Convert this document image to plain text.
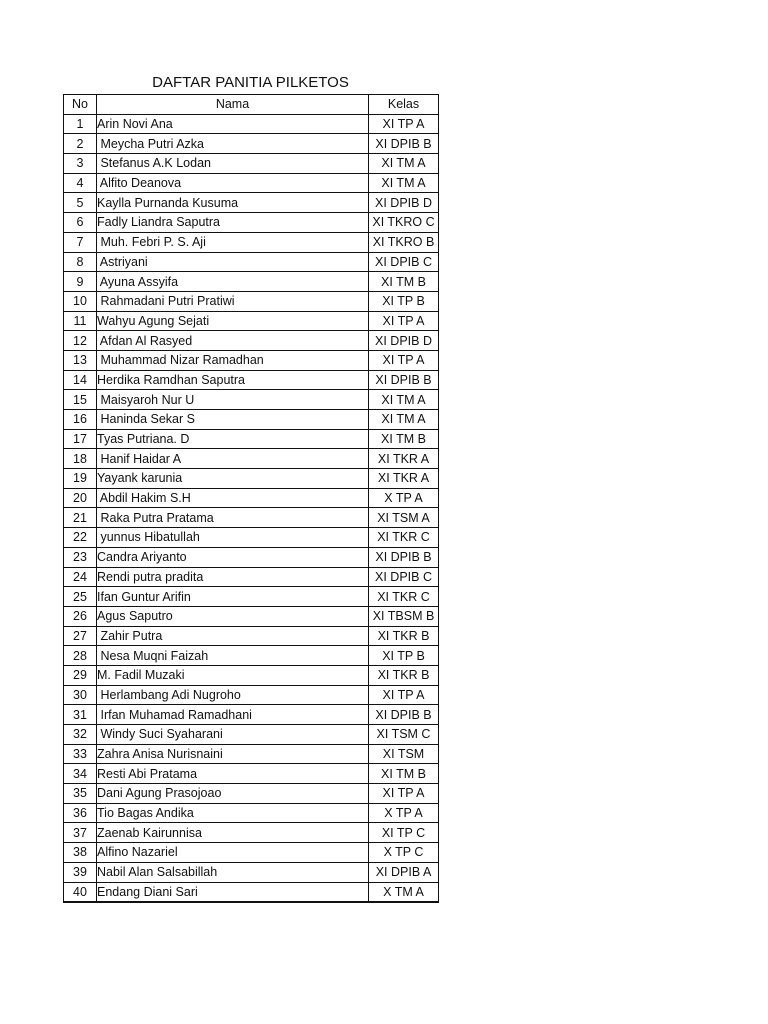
DAFTAR PANITIA PILKETOS
No	Nama	Kelas
1	Arin Novi Ana	XI TP A
2	Meycha Putri Azka	XI DPIB B
3	Stefanus A.K Lodan	XI TM A
4	Alfito Deanova	XI TM A
5	Kaylla Purnanda Kusuma	XI DPIB D
6	Fadly Liandra Saputra	XI TKRO C
7	Muh. Febri P. S. Aji	XI TKRO B
8	Astriyani	XI DPIB C
9	Ayuna Assyifa	XI TM B
10	Rahmadani Putri Pratiwi	XI TP B
11	Wahyu Agung Sejati	XI TP A
12	Afdan Al Rasyed	XI DPIB D
13	Muhammad Nizar Ramadhan	XI TP A
14	Herdika Ramdhan Saputra	XI DPIB B
15	Maisyaroh Nur U	XI TM A
16	Haninda Sekar S	XI TM A
17	Tyas Putriana. D	XI TM B
18	Hanif Haidar A	XI TKR A
19	Yayank karunia	XI TKR A
20	Abdil Hakim S.H	X TP A
21	Raka Putra Pratama	XI TSM A
22	yunnus Hibatullah	XI TKR C
23	Candra Ariyanto	XI DPIB B
24	Rendi putra pradita	XI DPIB C
25	Ifan Guntur Arifin	XI TKR C
26	Agus Saputro	XI TBSM B
27	Zahir Putra	XI TKR B
28	Nesa Muqni Faizah	XI TP B
29	M. Fadil Muzaki	XI TKR B
30	Herlambang Adi Nugroho	XI TP A
31	Irfan Muhamad Ramadhani	XI DPIB B
32	Windy Suci Syaharani	XI TSM C
33	Zahra Anisa Nurisnaini	XI TSM
34	Resti Abi Pratama	XI TM B
35	Dani Agung Prasojoao	XI TP A
36	Tio Bagas Andika	X TP A
37	Zaenab Kairunnisa	XI TP C
38	Alfino Nazariel	X TP C
39	Nabil Alan Salsabillah	XI DPIB A
40	Endang Diani Sari	X TM A
